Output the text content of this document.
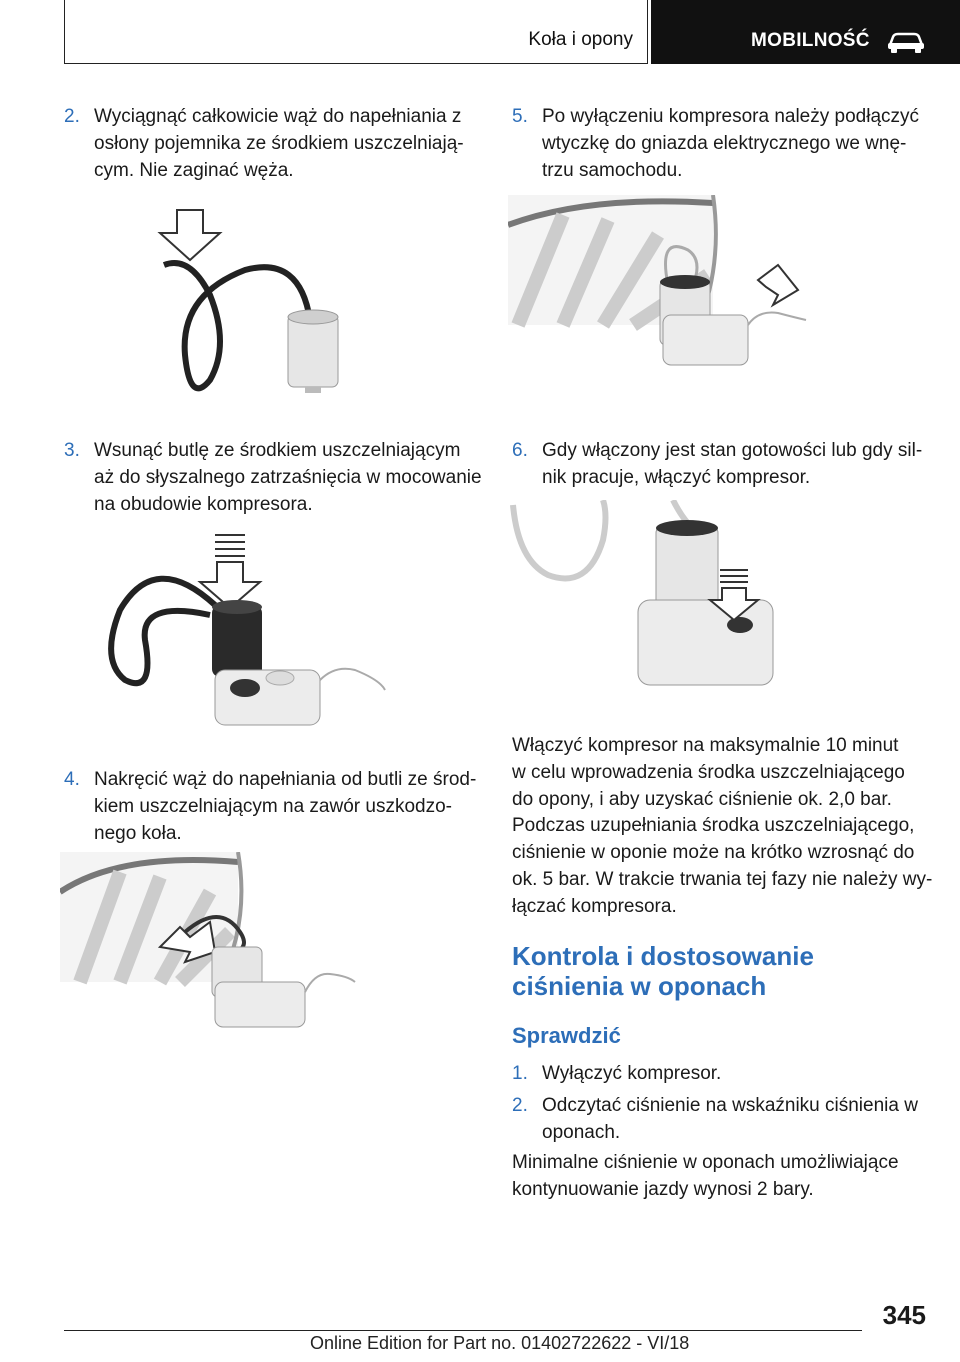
Koła i opony	MOBILNOŚĆ
2. Wyciągnąć całkowicie wąż do napełniania z
osłony pojemnika ze środkiem uszczelniają‐
cym. Nie zaginać węża.
3. Wsunąć butlę ze środkiem uszczelniającym
aż do słyszalnego zatrzaśnięcia w mocowanie
na obudowie kompresora.
4. Nakręcić wąż do napełniania od butli ze środ‐
kiem uszczelniającym na zawór uszkodzo‐
nego koła.
5. Po wyłączeniu kompresora należy podłączyć
wtyczkę do gniazda elektrycznego we wnę‐
trzu samochodu.
6. Gdy włączony jest stan gotowości lub gdy sil‐
nik pracuje, włączyć kompresor.
Włączyć kompresor na maksymalnie 10 minut
w celu wprowadzenia środka uszczelniającego
do opony, i aby uzyskać ciśnienie ok. 2,0 bar.
Podczas uzupełniania środka uszczelniającego,
ciśnienie w oponie może na krótko wzrosnąć do
ok. 5 bar. W trakcie trwania tej fazy nie należy wy‐
łączać kompresora.
Kontrola i dostosowanie
ciśnienia w oponach
Sprawdzić
1. Wyłączyć kompresor.
2. Odczytać ciśnienie na wskaźniku ciśnienia w
oponach.
Minimalne ciśnienie w oponach umożliwiające
kontynuowanie jazdy wynosi 2 bary.
345
Online Edition for Part no. 01402722622 - VI/18
